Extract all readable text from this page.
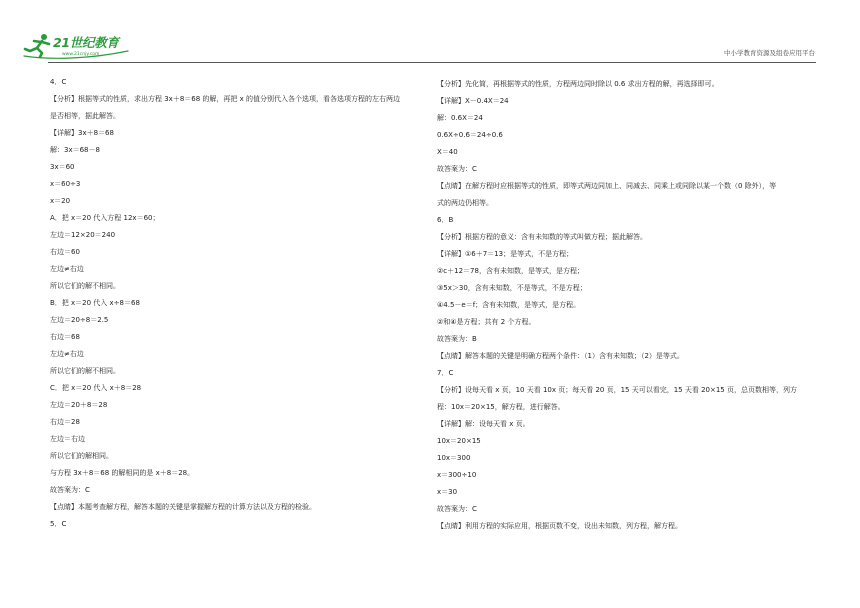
21世纪教育
www.21cnjy.com	中小学教育资源及组卷应用平台
4．C
【分析】根据等式的性质，求出方程 3x＋8＝68 的解，再把 x 的值分别代入各个选项，看各选项方程的左右两边
是否相等，据此解答。
【详解】3x＋8＝68
解：3x＝68－8
3x＝60
x＝60÷3
x＝20
A．把 x＝20 代入方程 12x＝60；
左边＝12×20＝240
右边＝60
左边≠右边
所以它们的解不相同。
B．把 x＝20 代入 x÷8＝68
左边＝20÷8＝2.5
右边＝68
左边≠右边
所以它们的解不相同。
C．把 x＝20 代入 x＋8＝28
左边＝20＋8＝28
右边＝28
左边＝右边
所以它们的解相同。
与方程 3x＋8＝68 的解相同的是 x＋8＝28。
故答案为：C
【点睛】本题考查解方程，解答本题的关键是掌握解方程的计算方法以及方程的检验。
5．C
【分析】先化简，再根据等式的性质，方程两边同时除以 0.6 求出方程的解，再选择即可。
【详解】X－0.4X＝24
解：0.6X＝24
0.6X÷0.6＝24÷0.6
X＝40
故答案为：C
【点睛】在解方程时应根据等式的性质，即等式两边同加上、同减去、同乘上或同除以某一个数（0 除外），等
式的两边仍相等。
6．B
【分析】根据方程的意义：含有未知数的等式叫做方程；据此解答。
【详解】①6＋7＝13；是等式，不是方程；
②c＋12＝78，含有未知数，是等式，是方程；
③5x＞30，含有未知数，不是等式，不是方程；
④4.5－e＝f；含有未知数，是等式，是方程。
②和④是方程；共有 2 个方程。
故答案为：B
【点睛】解答本题的关键是明确方程两个条件：（1）含有未知数；（2）是等式。
7．C
【分析】设每天看 x 页，10 天看 10x 页；每天看 20 页，15 天可以看完，15 天看 20×15 页，总页数相等，列方
程：10x＝20×15，解方程，进行解答。
【详解】解：设每天看 x 页。
10x＝20×15
10x＝300
x＝300÷10
x＝30
故答案为：C
【点睛】利用方程的实际应用，根据页数不变，设出未知数，列方程，解方程。
